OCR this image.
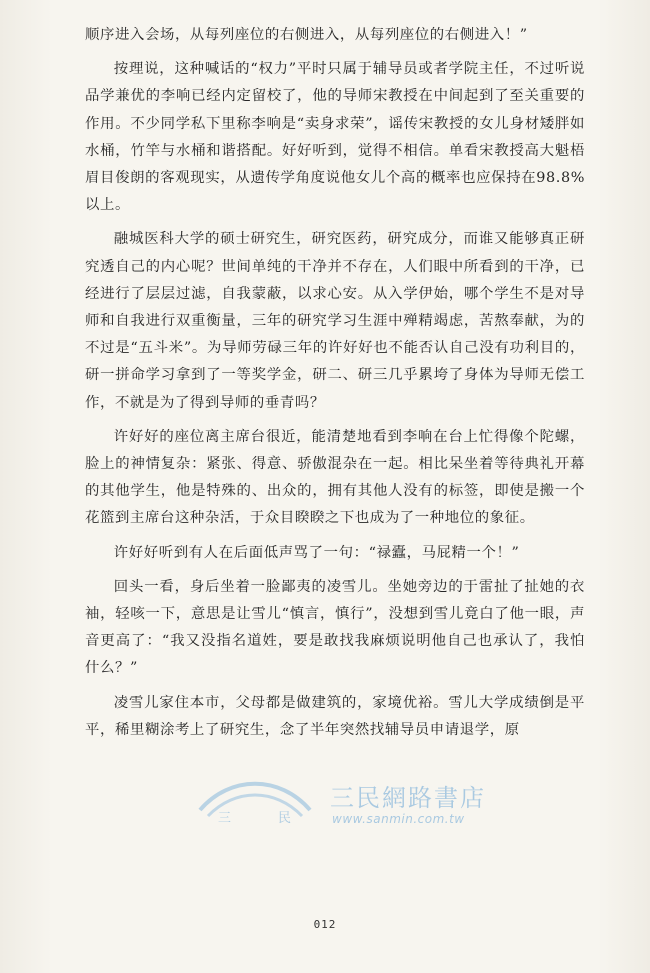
顺序进入会场，从每列座位的右侧进入，从每列座位的右侧进入！”

按理说，这种喊话的“权力”平时只属于辅导员或者学院主任，不过听说品学兼优的李响已经内定留校了，他的导师宋教授在中间起到了至关重要的作用。不少同学私下里称李响是“卖身求荣”，谣传宋教授的女儿身材矮胖如水桶，竹竿与水桶和谐搭配。好好听到，觉得不相信。单看宋教授高大魁梧眉目俊朗的客观现实，从遗传学角度说他女儿个高的概率也应保持在98.8%以上。

融城医科大学的硕士研究生，研究医药，研究成分，而谁又能够真正研究透自己的内心呢？世间单纯的干净并不存在，人们眼中所看到的干净，已经进行了层层过滤，自我蒙蔽，以求心安。从入学伊始，哪个学生不是对导师和自我进行双重衡量，三年的研究学习生涯中殚精竭虑，苦熬奉献，为的不过是“五斗米”。为导师劳碌三年的许好好也不能否认自己没有功利目的，研一拼命学习拿到了一等奖学金，研二、研三几乎累垮了身体为导师无偿工作，不就是为了得到导师的垂青吗？

许好好的座位离主席台很近，能清楚地看到李响在台上忙得像个陀螺，脸上的神情复杂：紧张、得意、骄傲混杂在一起。相比呆坐着等待典礼开幕的其他学生，他是特殊的、出众的，拥有其他人没有的标签，即使是搬一个花篮到主席台这种杂活，于众目睽睽之下也成为了一种地位的象征。

许好好听到有人在后面低声骂了一句：“禄蠹，马屁精一个！”

回头一看，身后坐着一脸鄙夷的凌雪儿。坐她旁边的于雷扯了扯她的衣袖，轻咳一下，意思是让雪儿“慎言，慎行”，没想到雪儿竟白了他一眼，声音更高了：“我又没指名道姓，要是敢找我麻烦说明他自己也承认了，我怕什么？”

凌雪儿家住本市，父母都是做建筑的，家境优裕。雪儿大学成绩倒是平平，稀里糊涂考上了研究生，念了半年突然找辅导员申请退学，原

三	民
三民網路書店
www.sanmin.com.tw
012
